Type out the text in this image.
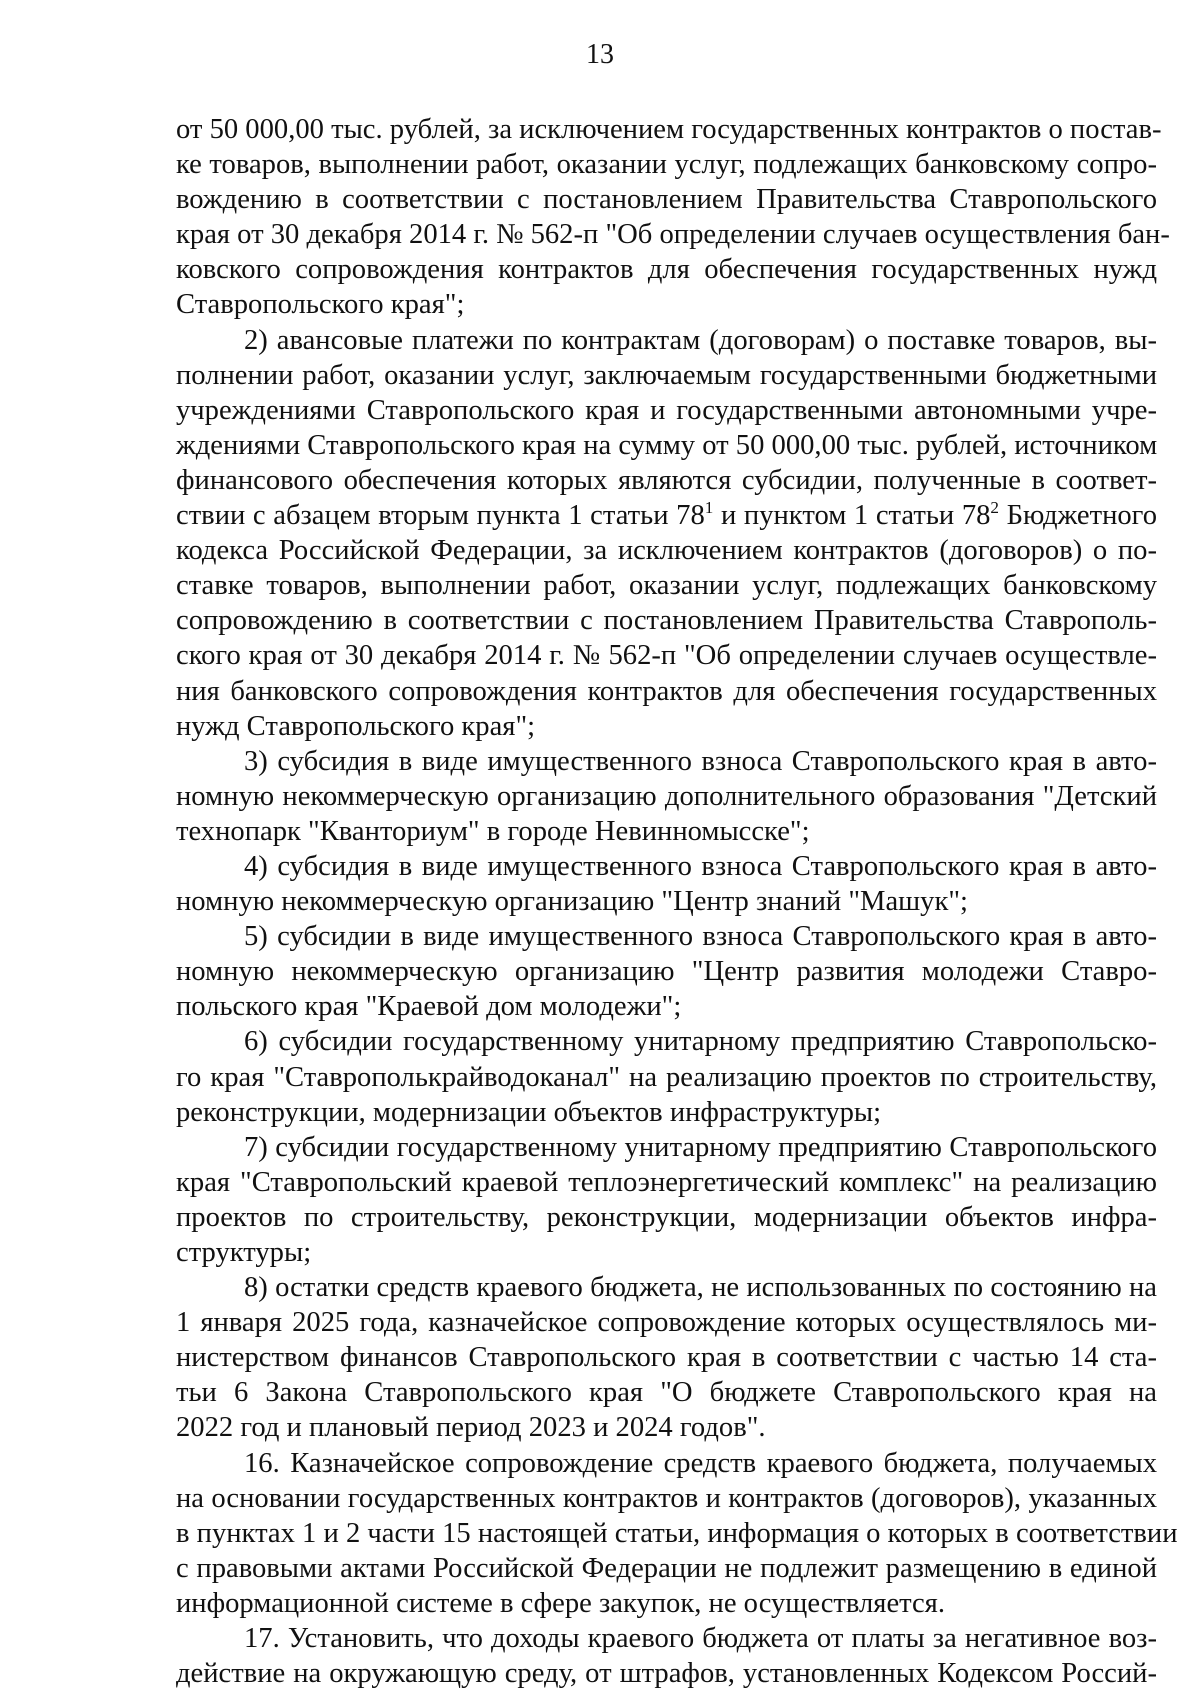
13
от 50 000,00 тыс. рублей, за исключением государственных контрактов о постав-
ке товаров, выполнении работ, оказании услуг, подлежащих банковскому сопро-
вождению в соответствии с постановлением Правительства Ставропольского
края от 30 декабря 2014 г. № 562-п "Об определении случаев осуществления бан-
ковского сопровождения контрактов для обеспечения государственных нужд
Ставропольского края";
2) авансовые платежи по контрактам (договорам) о поставке товаров, вы-
полнении работ, оказании услуг, заключаемым государственными бюджетными
учреждениями Ставропольского края и государственными автономными учре-
ждениями Ставропольского края на сумму от 50 000,00 тыс. рублей, источником
финансового обеспечения которых являются субсидии, полученные в соответ-
ствии с абзацем вторым пункта 1 статьи $78^1$ и пунктом 1 статьи $78^2$ Бюджетного
кодекса Российской Федерации, за исключением контрактов (договоров) о по-
ставке товаров, выполнении работ, оказании услуг, подлежащих банковскому
сопровождению в соответствии с постановлением Правительства Ставрополь-
ского края от 30 декабря 2014 г. № 562-п "Об определении случаев осуществле-
ния банковского сопровождения контрактов для обеспечения государственных
нужд Ставропольского края";
3) субсидия в виде имущественного взноса Ставропольского края в авто-
номную некоммерческую организацию дополнительного образования "Детский
технопарк "Кванториум" в городе Невинномысске";
4) субсидия в виде имущественного взноса Ставропольского края в авто-
номную некоммерческую организацию "Центр знаний "Машук";
5) субсидии в виде имущественного взноса Ставропольского края в авто-
номную некоммерческую организацию "Центр развития молодежи Ставро-
польского края "Краевой дом молодежи";
6) субсидии государственному унитарному предприятию Ставропольско-
го края "Ставрополькрайводоканал" на реализацию проектов по строительству,
реконструкции, модернизации объектов инфраструктуры;
7) субсидии государственному унитарному предприятию Ставропольского
края "Ставропольский краевой теплоэнергетический комплекс" на реализацию
проектов по строительству, реконструкции, модернизации объектов инфра-
структуры;
8) остатки средств краевого бюджета, не использованных по состоянию на
1 января 2025 года, казначейское сопровождение которых осуществлялось ми-
нистерством финансов Ставропольского края в соответствии с частью 14 ста-
тьи 6 Закона Ставропольского края "О бюджете Ставропольского края на
2022 год и плановый период 2023 и 2024 годов".
16. Казначейское сопровождение средств краевого бюджета, получаемых
на основании государственных контрактов и контрактов (договоров), указанных
в пунктах 1 и 2 части 15 настоящей статьи, информация о которых в соответствии
с правовыми актами Российской Федерации не подлежит размещению в единой
информационной системе в сфере закупок, не осуществляется.
17. Установить, что доходы краевого бюджета от платы за негативное воз-
действие на окружающую среду, от штрафов, установленных Кодексом Россий-
